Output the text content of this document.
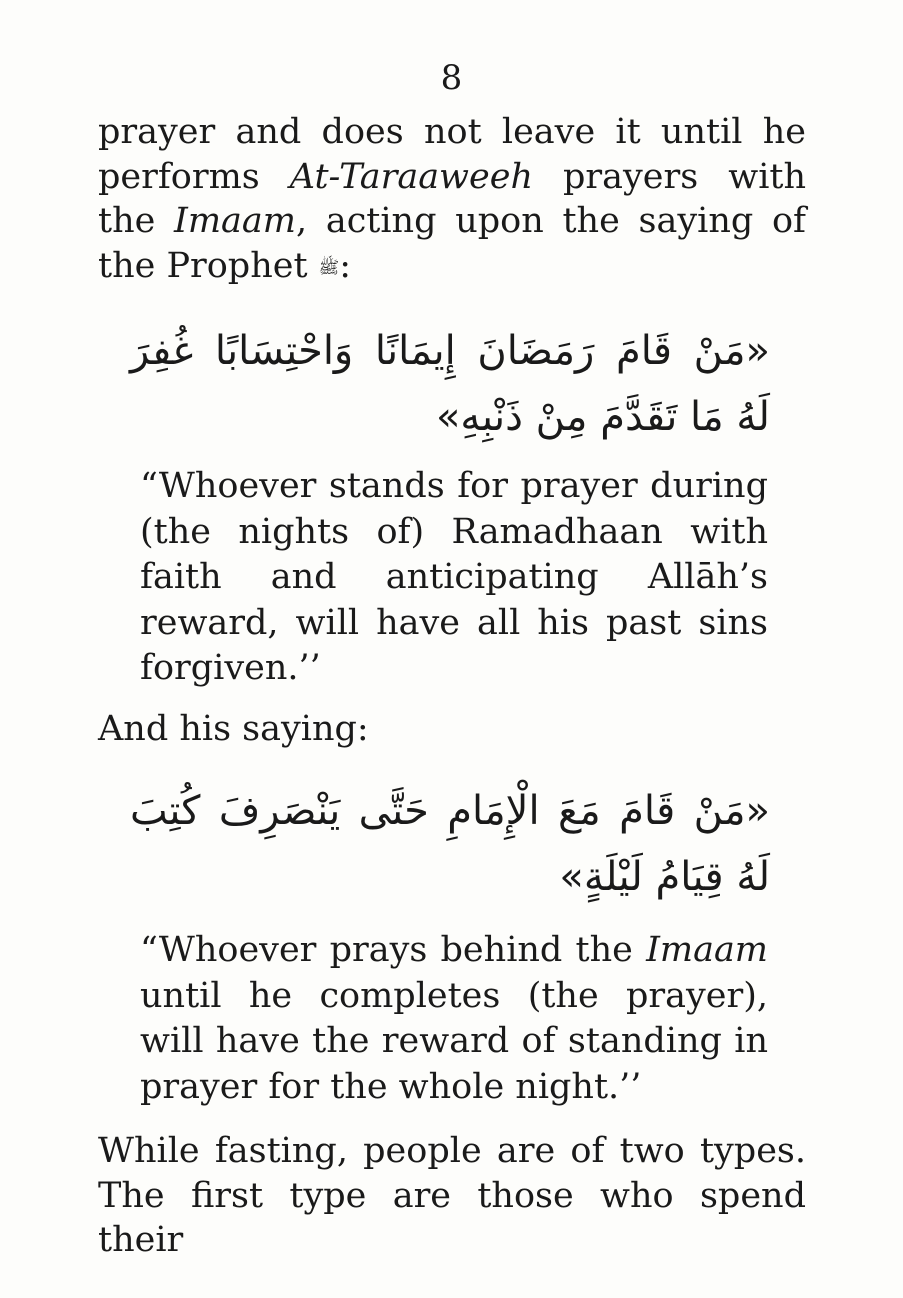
8

prayer and does not leave it until he performs At-Taraaweeh prayers with the Imaam, acting upon the saying of the Prophet ﷺ:

«مَنْ قَامَ رَمَضَانَ إِيمَانًا وَاحْتِسَابًا غُفِرَ لَهُ مَا تَقَدَّمَ مِنْ ذَنْبِهِ»

“Whoever stands for prayer during (the nights of) Ramadhaan with faith and anticipating Allāh’s reward, will have all his past sins forgiven.’’

And his saying:

«مَنْ قَامَ مَعَ الْإِمَامِ حَتَّى يَنْصَرِفَ كُتِبَ لَهُ قِيَامُ لَيْلَةٍ»

“Whoever prays behind the Imaam until he completes (the prayer), will have the reward of standing in prayer for the whole night.’’

While fasting, people are of two types. The first type are those who spend their
